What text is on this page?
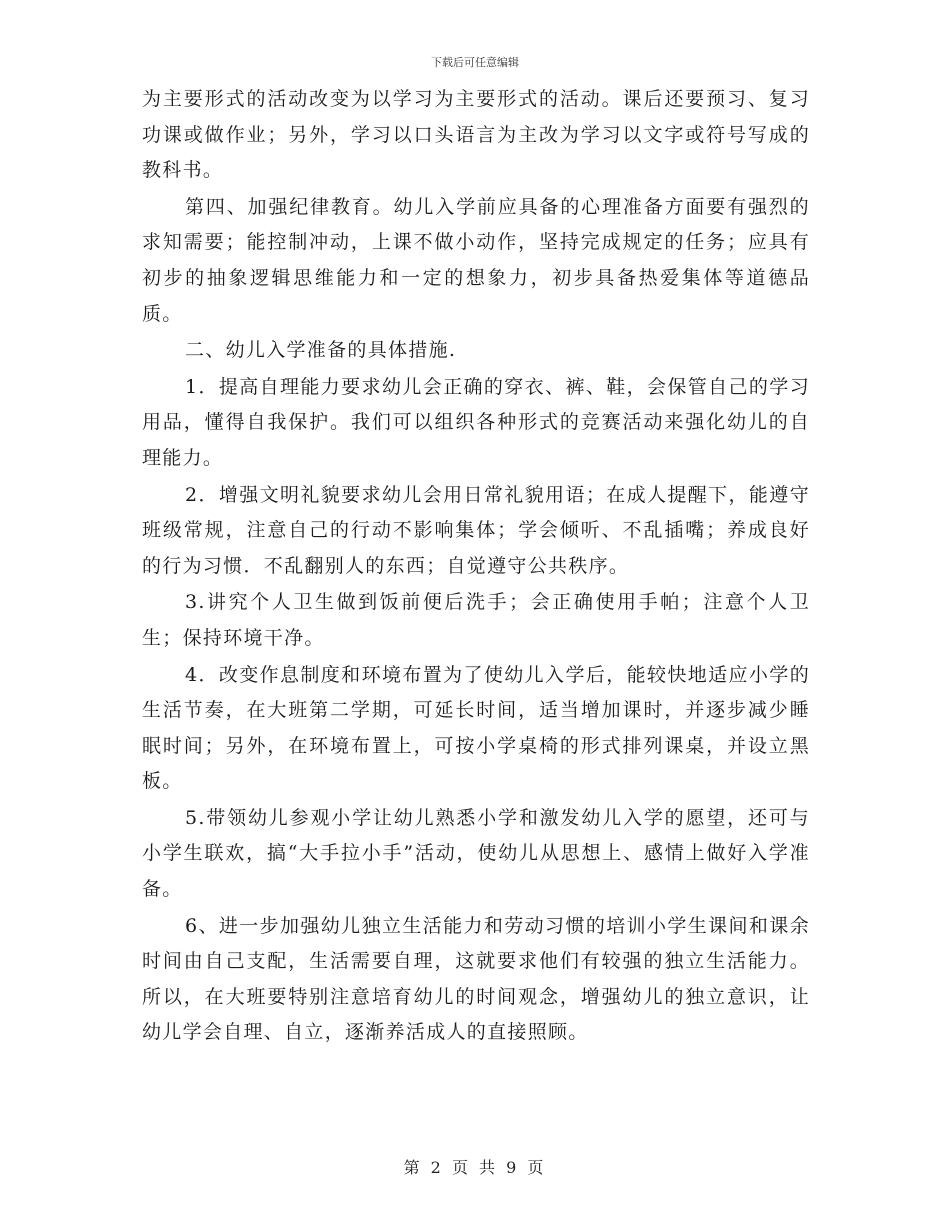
下载后可任意编辑

为主要形式的活动改变为以学习为主要形式的活动。课后还要预习、复习功课或做作业；另外，学习以口头语言为主改为学习以文字或符号写成的教科书。

第四、加强纪律教育。幼儿入学前应具备的心理准备方面要有强烈的求知需要；能控制冲动，上课不做小动作，坚持完成规定的任务；应具有初步的抽象逻辑思维能力和一定的想象力，初步具备热爱集体等道德品质。

二、幼儿入学准备的具体措施.

1．提高自理能力要求幼儿会正确的穿衣、裤、鞋，会保管自己的学习用品，懂得自我保护。我们可以组织各种形式的竞赛活动来强化幼儿的自理能力。

2．增强文明礼貌要求幼儿会用日常礼貌用语；在成人提醒下，能遵守班级常规，注意自己的行动不影响集体；学会倾听、不乱插嘴；养成良好的行为习惯．不乱翻别人的东西；自觉遵守公共秩序。

3.讲究个人卫生做到饭前便后洗手；会正确使用手帕；注意个人卫生；保持环境干净。

4．改变作息制度和环境布置为了使幼儿入学后，能较快地适应小学的生活节奏，在大班第二学期，可延长时间，适当增加课时，并逐步减少睡眠时间；另外，在环境布置上，可按小学桌椅的形式排列课桌，并设立黑板。

5.带领幼儿参观小学让幼儿熟悉小学和激发幼儿入学的愿望，还可与小学生联欢，搞“大手拉小手”活动，使幼儿从思想上、感情上做好入学准备。

6、进一步加强幼儿独立生活能力和劳动习惯的培训小学生课间和课余时间由自己支配，生活需要自理，这就要求他们有较强的独立生活能力。所以，在大班要特别注意培育幼儿的时间观念，增强幼儿的独立意识，让幼儿学会自理、自立，逐渐养活成人的直接照顾。

第 2 页 共 9 页
